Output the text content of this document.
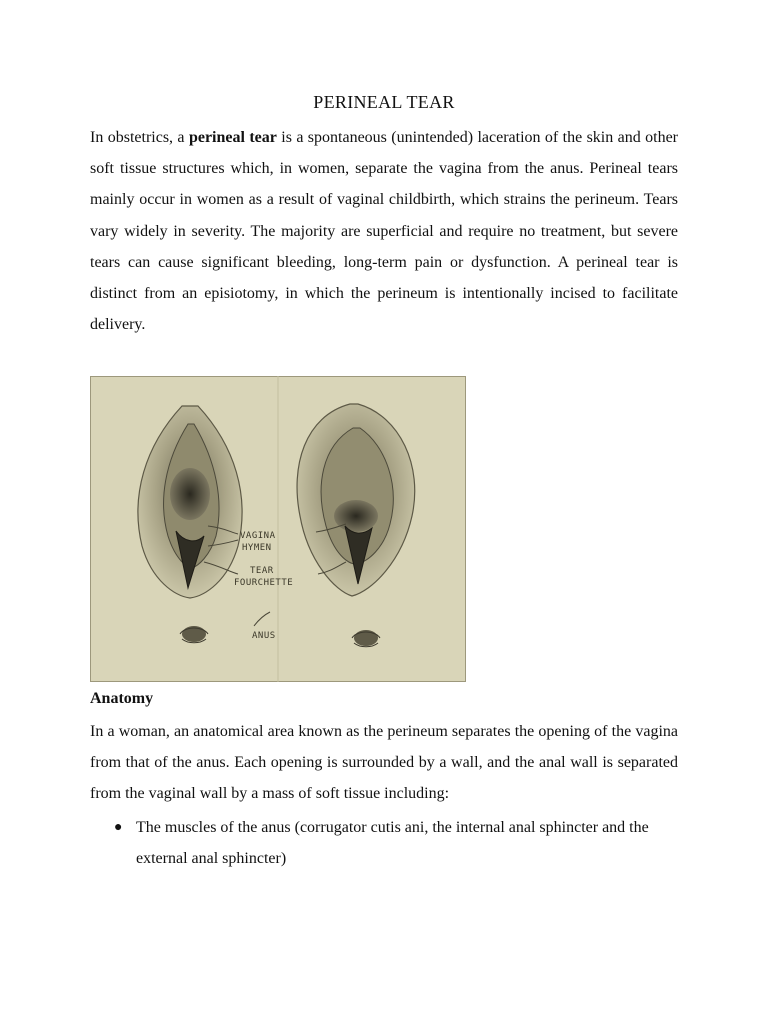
PERINEAL TEAR

In obstetrics, a perineal tear is a spontaneous (unintended) laceration of the skin and other soft tissue structures which, in women, separate the vagina from the anus. Perineal tears mainly occur in women as a result of vaginal childbirth, which strains the perineum. Tears vary widely in severity. The majority are superficial and require no treatment, but severe tears can cause significant bleeding, long-term pain or dysfunction. A perineal tear is distinct from an episiotomy, in which the perineum is intentionally incised to facilitate delivery.

VAGINA
HYMEN
TEAR
FOURCHETTE
ANUS
Anatomy

In a woman, an anatomical area known as the perineum separates the opening of the vagina from that of the anus. Each opening is surrounded by a wall, and the anal wall is separated from the vaginal wall by a mass of soft tissue including:

● The muscles of the anus (corrugator cutis ani, the internal anal sphincter and the external anal sphincter)
